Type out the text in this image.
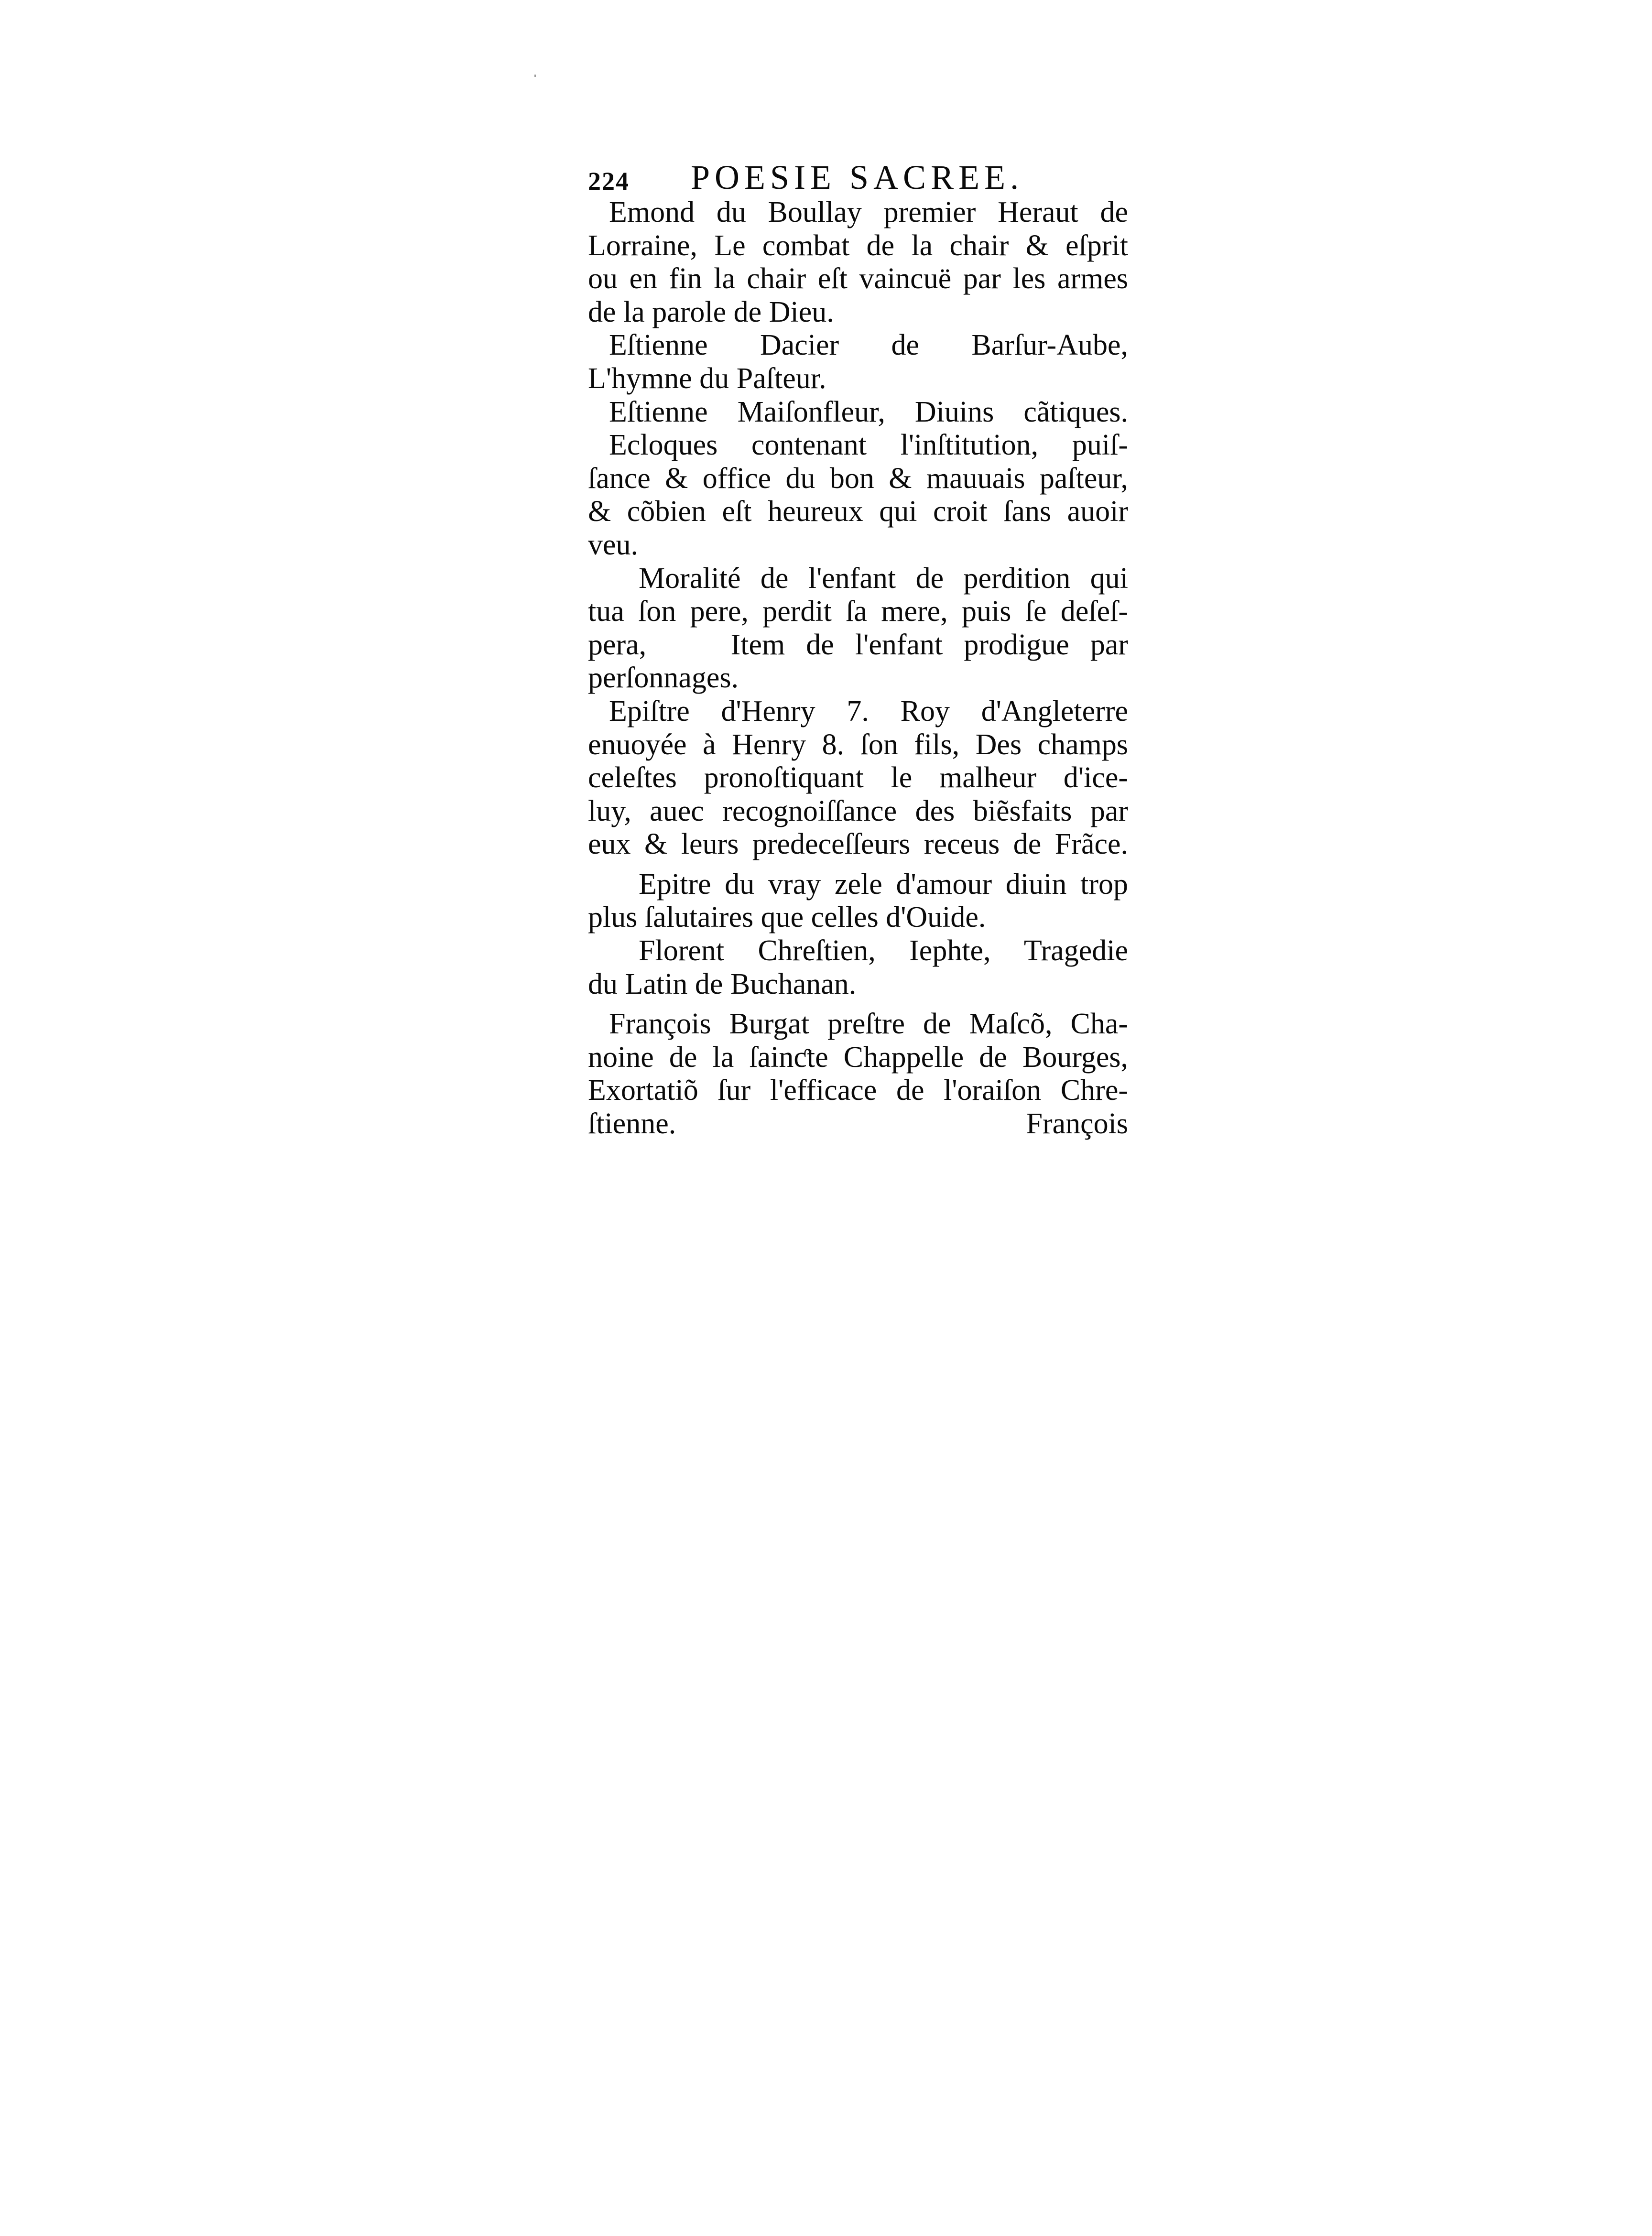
224 POESIE SACREE.
Emond du Boullay premier Heraut de
Lorraine, Le combat de la chair & eſprit
ou en fin la chair eſt vaincuë par les armes
de la parole de Dieu.
Eſtienne Dacier de Barſur-Aube,
L'hymne du Paſteur.
Eſtienne Maiſonfleur, Diuins cãtiques.
Ecloques contenant l'inſtitution, puiſ-
ſance & office du bon & mauuais paſteur,
& cõbien eſt heureux qui croit ſans auoir
veu.
Moralité de l'enfant de perdition qui
tua ſon pere, perdit ſa mere, puis ſe deſeſ-
pera,    Item de l'enfant prodigue par
perſonnages.
Epiſtre d'Henry 7. Roy d'Angleterre
enuoyée à Henry 8. ſon fils, Des champs
celeſtes pronoſtiquant le malheur d'ice-
luy, auec recognoiſſance des biẽsfaits par
eux & leurs predeceſſeurs receus de Frãce.
Epitre du vray zele d'amour diuin trop
plus ſalutaires que celles d'Ouide.
Florent Chreſtien, Iephte, Tragedie
du Latin de Buchanan.
François Burgat preſtre de Maſcõ, Cha-
noine de la ſainƈte Chappelle de Bourges,
Exortatiõ ſur l'efficace de l'oraiſon Chre-
ſtienne.	François
